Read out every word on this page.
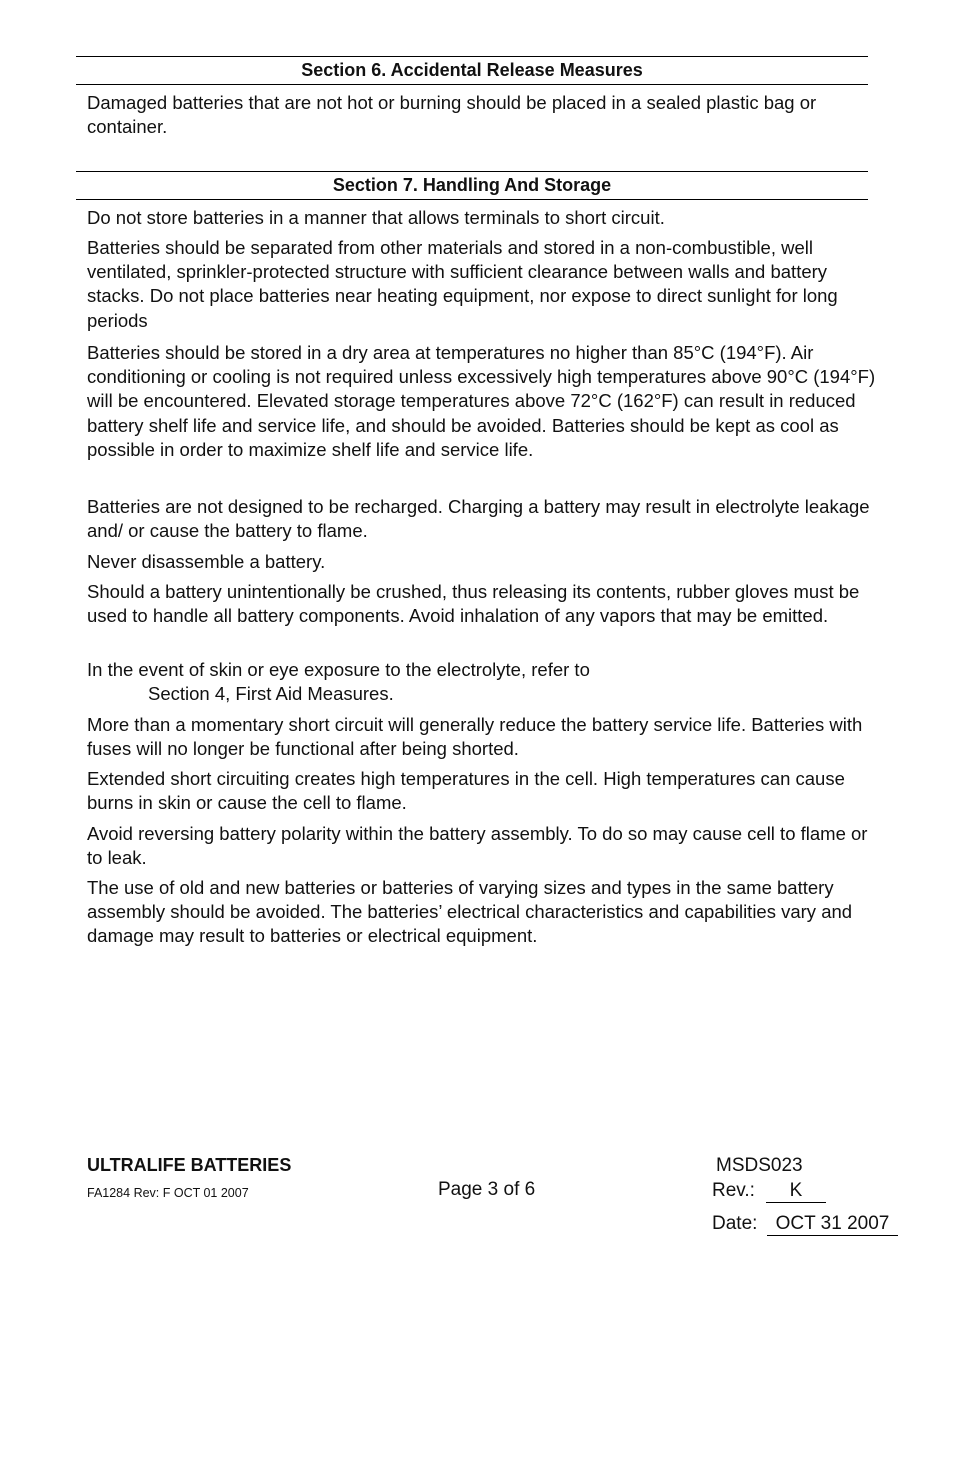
Section 6. Accidental Release Measures

Damaged batteries that are not hot or burning should be placed in a sealed plastic bag or container.

Section 7. Handling And Storage

Do not store batteries in a manner that allows terminals to short circuit.

Batteries should be separated from other materials and stored in a non-combustible, well ventilated, sprinkler-protected structure with sufficient clearance between walls and battery stacks. Do not place batteries near heating equipment, nor expose to direct sunlight for long periods

Batteries should be stored in a dry area at temperatures no higher than 85°C (194°F). Air conditioning or cooling is not required unless excessively high temperatures above 90°C (194°F) will be encountered. Elevated storage temperatures above 72°C (162°F) can result in reduced battery shelf life and service life, and should be avoided. Batteries should be kept as cool as possible in order to maximize shelf life and service life.

Batteries are not designed to be recharged. Charging a battery may result in electrolyte leakage and/ or cause the battery to flame.

Never disassemble a battery.

Should a battery unintentionally be crushed, thus releasing its contents, rubber gloves must be used to handle all battery components. Avoid inhalation of any vapors that may be emitted.

In the event of skin or eye exposure to the electrolyte, refer to
Section 4, First Aid Measures.

More than a momentary short circuit will generally reduce the battery service life. Batteries with fuses will no longer be functional after being shorted.

Extended short circuiting creates high temperatures in the cell. High temperatures can cause burns in skin or cause the cell to flame.

Avoid reversing battery polarity within the battery assembly. To do so may cause cell to flame or to leak.

The use of old and new batteries or batteries of varying sizes and types in the same battery assembly should be avoided. The batteries’ electrical characteristics and capabilities vary and damage may result to batteries or electrical equipment.

ULTRALIFE BATTERIES
FA1284 Rev: F OCT 01 2007	Page 3 of 6
MSDS023
Rev.:	K
Date: OCT 31 2007
